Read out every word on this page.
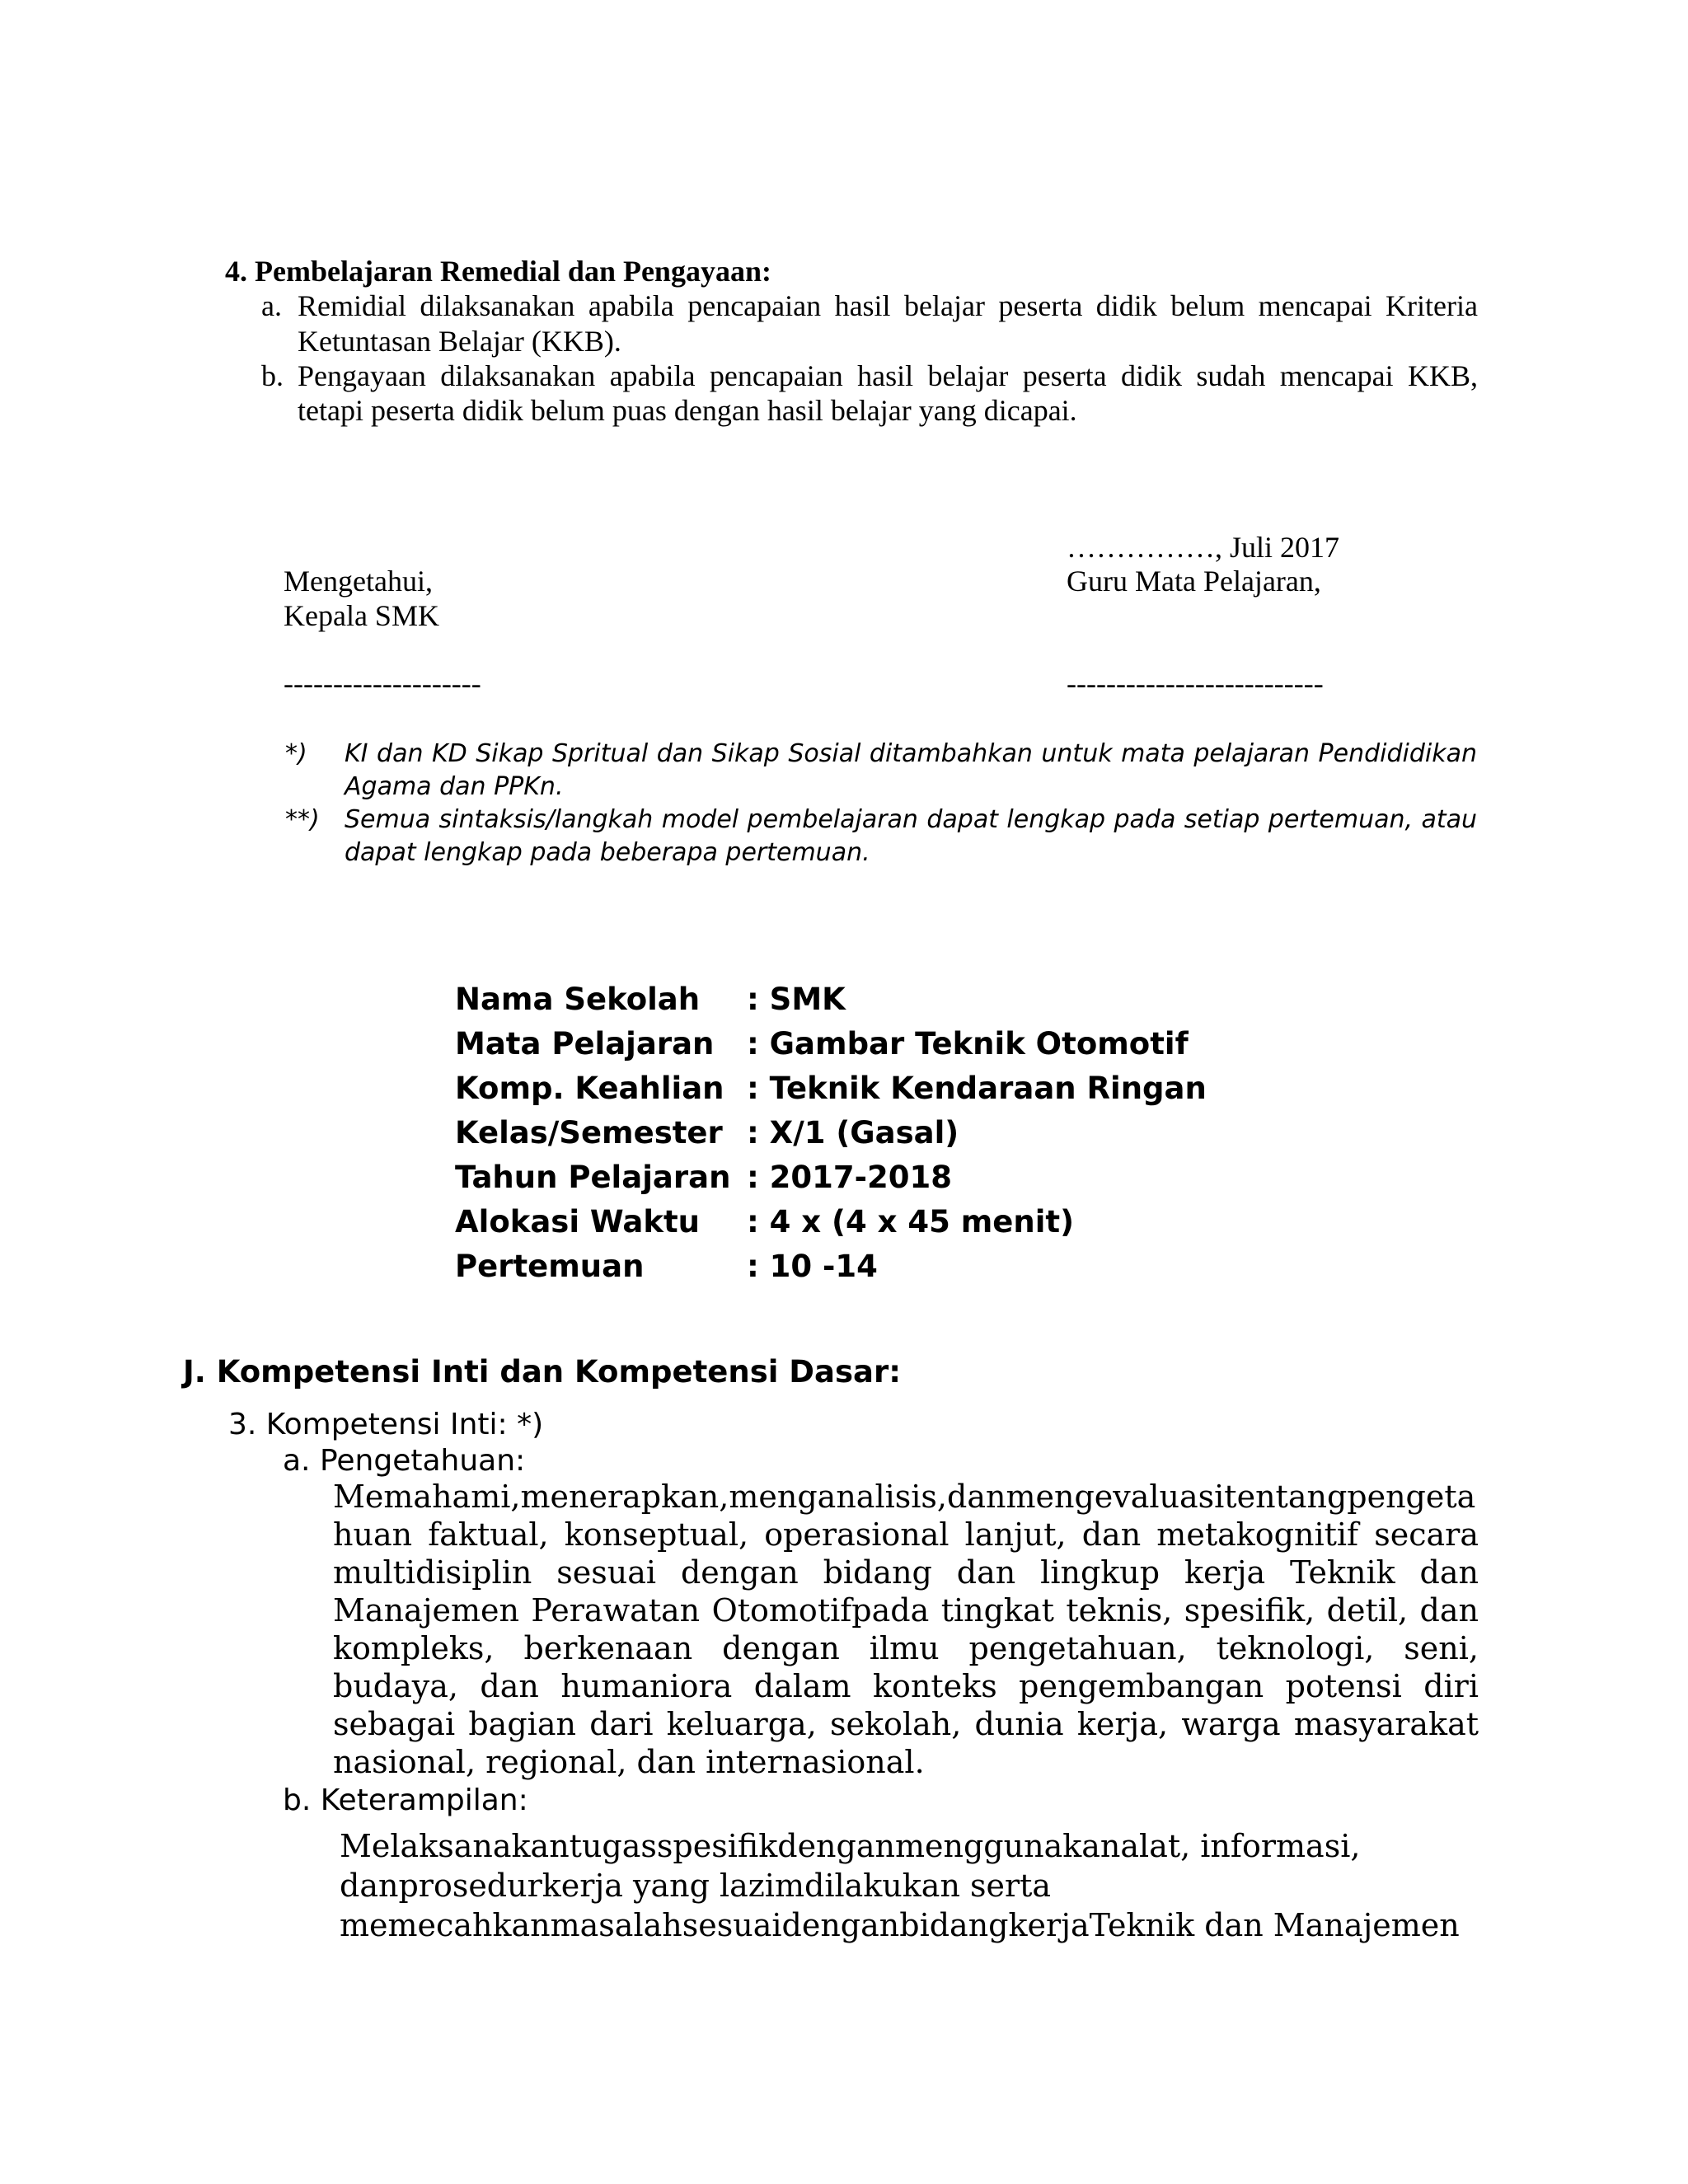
4. Pembelajaran Remedial dan Pengayaan:
a. Remidial dilaksanakan apabila pencapaian hasil belajar peserta didik belum mencapai Kriteria
Ketuntasan Belajar (KKB).
b. Pengayaan dilaksanakan apabila pencapaian hasil belajar peserta didik sudah mencapai KKB,
tetapi peserta didik belum puas dengan hasil belajar yang dicapai.
……………, Juli 2017
Mengetahui,	Guru Mata Pelajaran,
Kepala SMK
--------------------	--------------------------
*) KI dan KD Sikap Spritual dan Sikap Sosial ditambahkan untuk mata pelajaran Pendididikan
Agama dan PPKn.
**) Semua sintaksis/langkah model pembelajaran dapat lengkap pada setiap pertemuan, atau
dapat lengkap pada beberapa pertemuan.
Nama Sekolah : SMK
Mata Pelajaran : Gambar Teknik Otomotif
Komp. Keahlian : Teknik Kendaraan Ringan
Kelas/Semester : X/1 (Gasal)
Tahun Pelajaran : 2017-2018
Alokasi Waktu : 4 x (4 x 45 menit)
Pertemuan	: 10 -14
J. Kompetensi Inti dan Kompetensi Dasar:
3. Kompetensi Inti: *)
a. Pengetahuan:
Memahami,menerapkan,menganalisis,danmengevaluasitentangpengeta
huan faktual, konseptual, operasional lanjut, dan metakognitif secara
multidisiplin sesuai dengan bidang dan lingkup kerja Teknik dan
Manajemen Perawatan Otomotifpada tingkat teknis, spesifik, detil, dan
kompleks, berkenaan dengan ilmu pengetahuan, teknologi, seni,
budaya, dan humaniora dalam konteks pengembangan potensi diri
sebagai bagian dari keluarga, sekolah, dunia kerja, warga masyarakat
nasional, regional, dan internasional.
b. Keterampilan:
Melaksanakantugasspesifikdenganmenggunakanalat, informasi,
danprosedurkerja yang lazimdilakukan serta
memecahkanmasalahsesuaidenganbidangkerjaTeknik dan Manajemen
